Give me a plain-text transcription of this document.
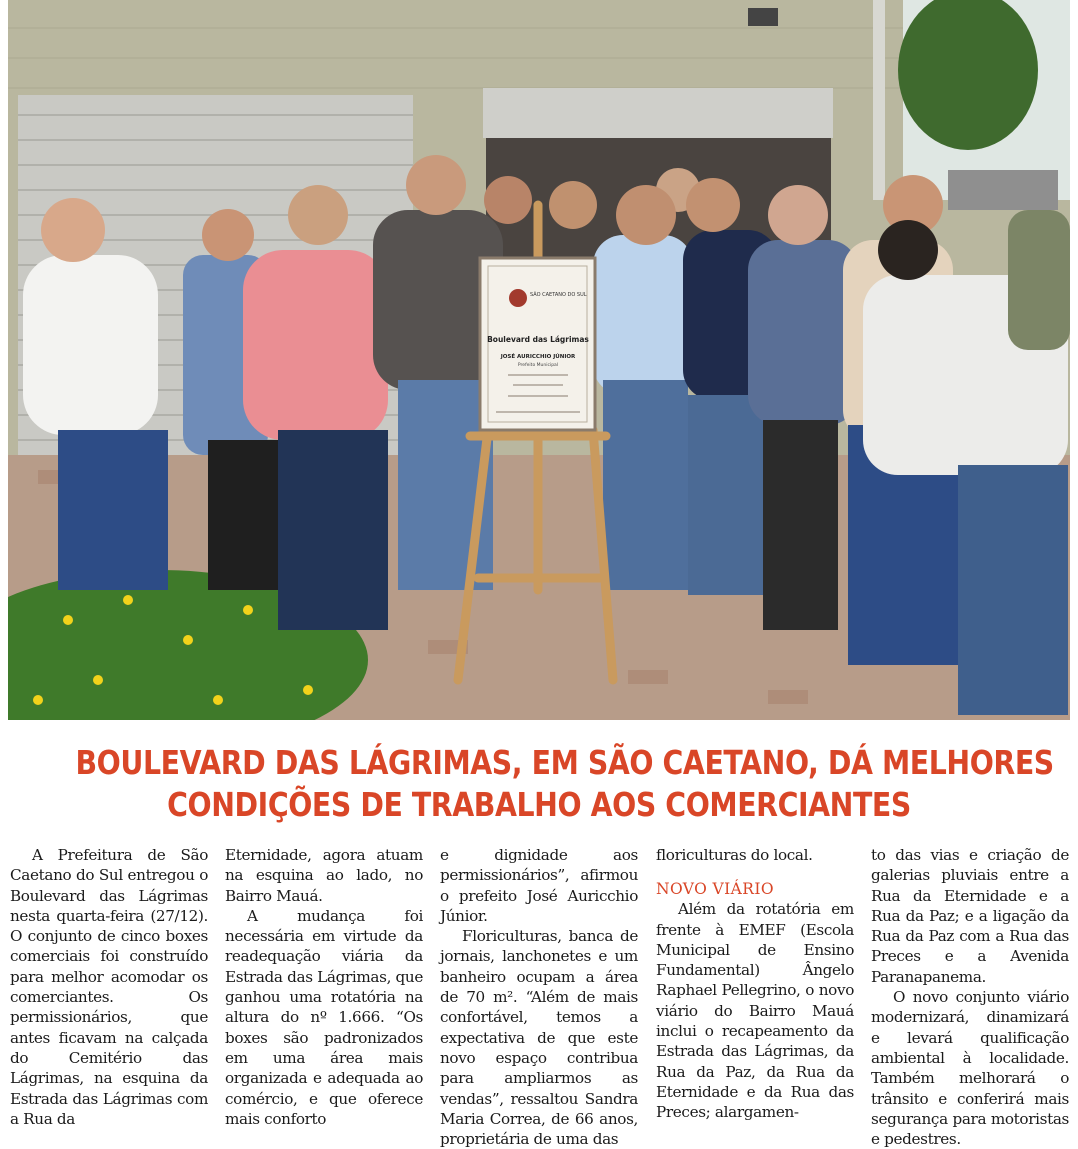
SÃO CAETANO DO SUL
Boulevard das Lágrimas
JOSÉ AURICCHIO JÚNIOR
Prefeito Municipal
BOULEVARD DAS LÁGRIMAS, EM SÃO CAETANO, DÁ MELHORES
CONDIÇÕES DE TRABALHO AOS COMERCIANTES

A Prefeitura de São Caetano do Sul entregou o Boulevard das Lágrimas nesta quarta-feira (27/12). O conjunto de cinco boxes comerciais foi construído para melhor acomodar os comerciantes. Os permissionários, que antes ficavam na calçada do Cemitério das Lágrimas, na esquina da Estrada das Lágrimas com a Rua da

Eternidade, agora atuam na esquina ao lado, no Bairro Mauá.

A mudança foi necessária em virtude da readequação viária da Estrada das Lágrimas, que ganhou uma rotatória na altura do nº 1.666. “Os boxes são padronizados em uma área mais organizada e adequada ao comércio, e que oferece mais conforto

e dignidade aos permissionários”, afirmou o prefeito José Auricchio Júnior.

Floriculturas, banca de jornais, lanchonetes e um banheiro ocupam a área de 70 m². “Além de mais confortável, temos a expectativa de que este novo espaço contribua para ampliarmos as vendas”, ressaltou Sandra Maria Correa, de 66 anos, proprietária de uma das

floriculturas do local.

NOVO VIÁRIO

Além da rotatória em frente à EMEF (Escola Municipal de Ensino Fundamental) Ângelo Raphael Pellegrino, o novo viário do Bairro Mauá inclui o recapeamento da Estrada das Lágrimas, da Rua da Paz, da Rua da Eternidade e da Rua das Preces; alargamen-

to das vias e criação de galerias pluviais entre a Rua da Eternidade e a Rua da Paz; e a ligação da Rua da Paz com a Rua das Preces e a Avenida Paranapanema.

O novo conjunto viário modernizará, dinamizará e levará qualificação ambiental à localidade. Também melhorará o trânsito e conferirá mais segurança para motoristas e pedestres.
